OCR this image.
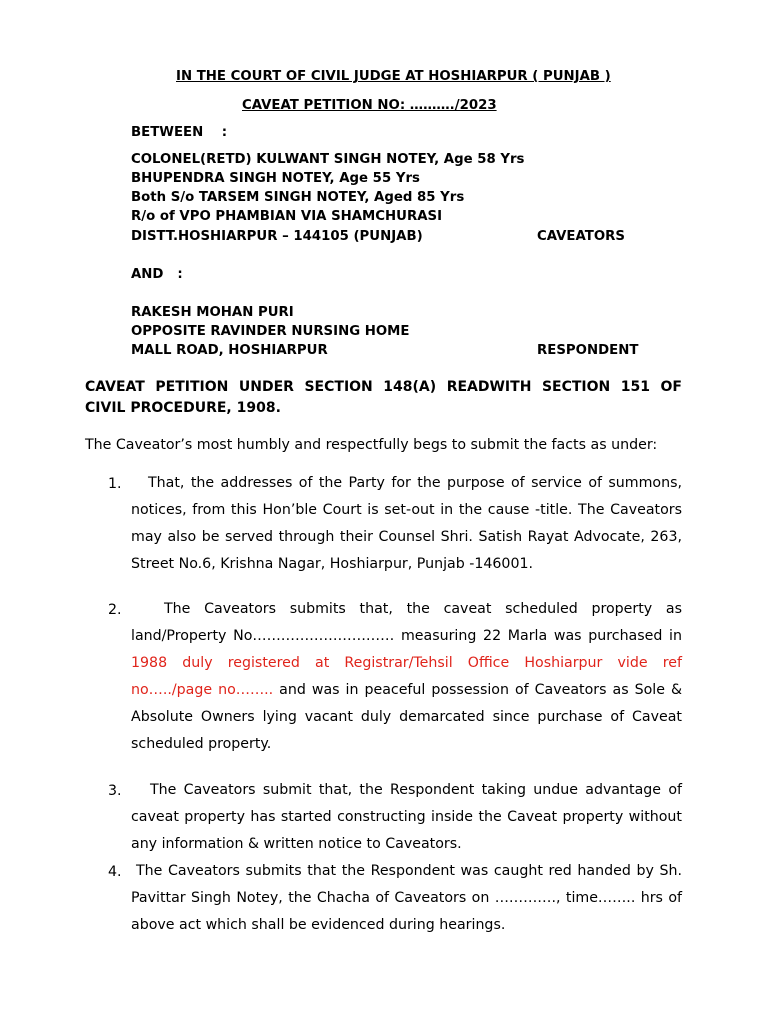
IN THE COURT OF CIVIL JUDGE AT HOSHIARPUR ( PUNJAB )
CAVEAT PETITION NO: ………./2023
BETWEEN    :
COLONEL(RETD) KULWANT SINGH NOTEY, Age 58 Yrs
BHUPENDRA SINGH NOTEY, Age 55 Yrs
Both S/o TARSEM SINGH NOTEY, Aged 85 Yrs
R/o of VPO PHAMBIAN VIA SHAMCHURASI
DISTT.HOSHIARPUR – 144105 (PUNJAB)	CAVEATORS
AND   :
RAKESH MOHAN PURI
OPPOSITE RAVINDER NURSING HOME
MALL ROAD, HOSHIARPUR	RESPONDENT
CAVEAT PETITION UNDER SECTION 148(A) READWITH SECTION 151 OF CIVIL PROCEDURE, 1908.
The Caveator’s most humbly and respectfully begs to submit the facts as under:
1.	That, the addresses of the Party for the purpose of service of summons, notices, from this Hon’ble Court is set-out in the cause -title. The Caveators may also be served through their Counsel Shri. Satish Rayat Advocate, 263, Street No.6, Krishna Nagar, Hoshiarpur, Punjab -146001.
2.	The Caveators submits that, the caveat scheduled property as land/Property No………………………… measuring 22 Marla was purchased in 1988 duly registered at Registrar/Tehsil Office Hoshiarpur vide ref no…../page no…….. and was in peaceful possession of Caveators as Sole & Absolute Owners lying vacant duly demarcated since purchase of Caveat scheduled property.
3.	The Caveators submit that, the Respondent taking undue advantage of caveat property has started constructing inside the Caveat property without any information & written notice to Caveators.
4.	The Caveators submits that the Respondent was caught red handed by Sh. Pavittar Singh Notey, the Chacha of Caveators on …………., time…….. hrs of above act which shall be evidenced during hearings.
